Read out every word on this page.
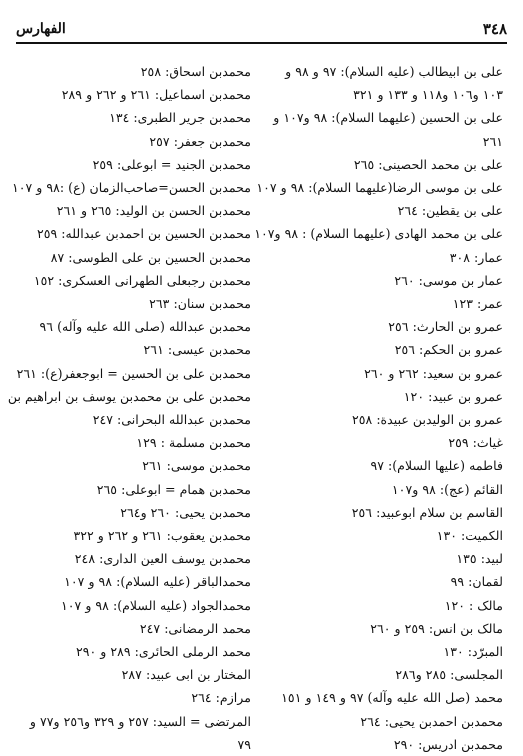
٣٤٨
الفهارس
علی بن ابیطالب (علیه السلام): ٩٧ و ٩٨ و
١٠٣ و١٠٦ و١١٨ و ١٣٣ و ٣٢١
علی بن الحسین (علیهما السلام): ٩٨ و١٠٧ و
٢٦١
علی بن محمد الحصینی: ٢٦٥
علی بن موسی الرضا(علیهما السلام): ٩٨ و ١٠٧
علی بن یقطین: ٢٦٤
علی بن محمد الهادی (علیهما السلام) : ٩٨ و١٠٧
عمار: ٣٠٨
عمار بن موسی: ٢٦٠
عمر: ١٢٣
عمرو بن الحارث: ٢٥٦
عمرو بن الحکم: ٢٥٦
عمرو بن سعید: ٢٦٢ و ٢٦٠
عمرو بن عبید: ١٢٠
عمرو بن الولیدبن عبیدة: ٢٥٨
غیاث: ٢٥٩
فاطمه (علیها السلام): ٩٧
القائم (عج): ٩٨ و١٠٧
القاسم بن سلام ابوعبید: ٢٥٦
الکمیت: ١٣٠
لبید: ١٣٥
لقمان: ٩٩
مالک : ١٢٠
مالک بن انس: ٢٥٩ و ٢٦٠
المبرّد: ١٣٠
المجلسی: ٢٨٥ و٢٨٦
محمد (صل الله علیه وآله) ٩٧ و ١٤٩ و ١٥١
محمدبن احمدبن یحیی: ٢٦٤
محمدبن ادریس: ٢٩٠
محمدبن اسحاق: ٢٥٨
محمدبن اسماعیل: ٢٦١ و ٢٦٢ و ٢٨٩
محمدبن جریر الطبری: ١٣٤
محمدبن جعفر: ٢٥٧
محمدبن الجنید = ابوعلی: ٢٥٩
محمدبن الحسن=صاحب‌الزمان (ع) :٩٨ و ١٠٧
محمدبن الحسن بن الولید: ٢٦٥ و ٢٦١
محمدبن الحسین بن احمدبن عبدالله: ٢٥٩
محمدبن الحسین بن علی الطوسی: ٨٧
محمدبن رجبعلی الطهرانی العسکری: ١٥٢
محمدبن سنان: ٢٦٣
محمدبن عبدالله (صلی الله علیه وآله) ٩٦
محمدبن عیسی: ٢٦١
محمدبن علی بن الحسین = ابوجعفر(ع): ٢٦١
محمدبن علی بن محمدبن یوسف بن ابراهیم بن
محمدبن عبدالله البحرانی: ٢٤٧
محمدبن مسلمة : ١٢٩
محمدبن موسی: ٢٦١
محمدبن همام = ابوعلی: ٢٦٥
محمدبن یحیی: ٢٦٠ و٢٦٤
محمدبن یعقوب: ٢٦١ و ٢٦٢ و ٣٢٢
محمدبن یوسف العین الداری: ٢٤٨
محمدالباقر (علیه السلام): ٩٨ و ١٠٧
محمدالجواد (علیه السلام): ٩٨ و ١٠٧
محمد الرمضانی: ٢٤٧
محمد الرملی الحائری: ٢٨٩ و ٢٩٠
المختار بن ابی عبید: ٢٨٧
مرازم: ٢٦٤
المرتضی = السید: ٢٥٧ و ٣٢٩ و٢٥٦ و٧٧ و
٧٩
